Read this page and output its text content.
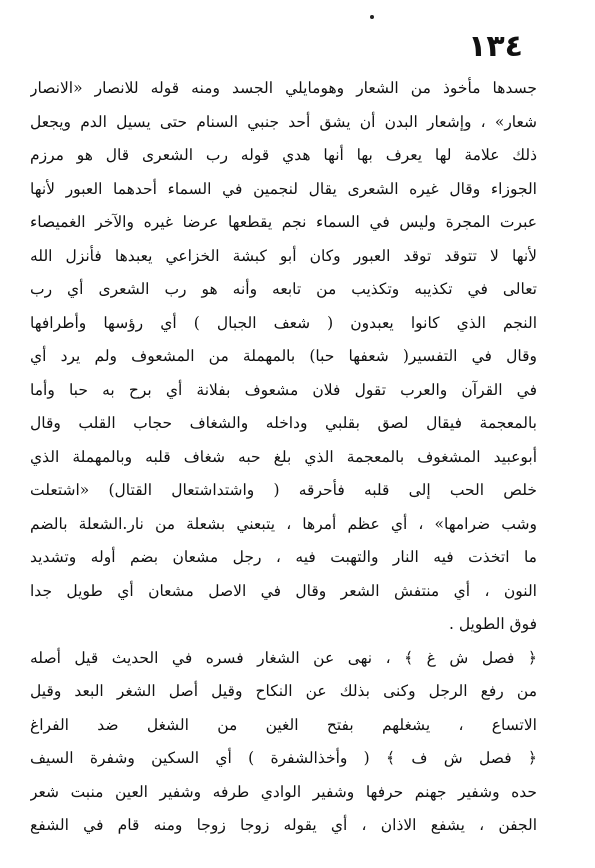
١٣٤
جسدها مأخوذ من الشعار وهومايلي الجسد ومنه قوله للانصار «الانصار
شعار» ، وإشعار البدن أن يشق أحد جنبي السنام حتى يسيل الدم ويجعل
ذلك علامة لها يعرف بها أنها هدي قوله رب الشعرى قال هو مرزم
الجوزاء وقال غيره الشعرى يقال لنجمين في السماء أحدهما العبور لأنها
عبرت المجرة وليس في السماء نجم يقطعها عرضا غيره والآخر الغميصاء
لأنها لا تتوقد توقد العبور وكان أبو كبشة الخزاعي يعبدها فأنزل الله
تعالى في تكذيبه وتكذيب من تابعه وأنه هو رب الشعرى أي رب
النجم الذي كانوا يعبدون ( شعف الجبال ) أي رؤسها وأطرافها
وقال في التفسير( شعفها حبا) بالمهملة من المشعوف ولم يرد أي
في القرآن والعرب تقول فلان مشعوف بفلانة أي برح به حبا وأما
بالمعجمة فيقال لصق بقلبي وداخله والشغاف حجاب القلب وقال
أبوعبيد المشغوف بالمعجمة الذي بلغ حبه شغاف قلبه وبالمهملة الذي
خلص الحب إلى قلبه فأحرقه ( واشتداشتعال القتال) «اشتعلت
وشب ضرامها» ، أي عظم أمرها ، يتبعني بشعلة من نار.الشعلة بالضم
ما اتخذت فيه النار والتهبت فيه ، رجل مشعان بضم أوله وتشديد
النون ، أي منتفش الشعر وقال في الاصل مشعان أي طويل جدا
فوق الطويل .
﴿ فصل ش غ ﴾ ، نهى عن الشغار فسره في الحديث قيل أصله
من رفع الرجل وكنى بذلك عن النكاح وقيل أصل الشغر البعد وقيل
الاتساع ، يشغلهم بفتح الغين من الشغل ضد الفراغ
﴿ فصل ش ف ﴾ ( وأخذالشفرة ) أي السكين وشفرة السيف
حده وشفير جهنم حرفها وشفير الوادي طرفه وشفير العين منبت شعر
الجفن ، يشفع الاذان ، أي يقوله زوجا زوجا ومنه قام في الشفع
